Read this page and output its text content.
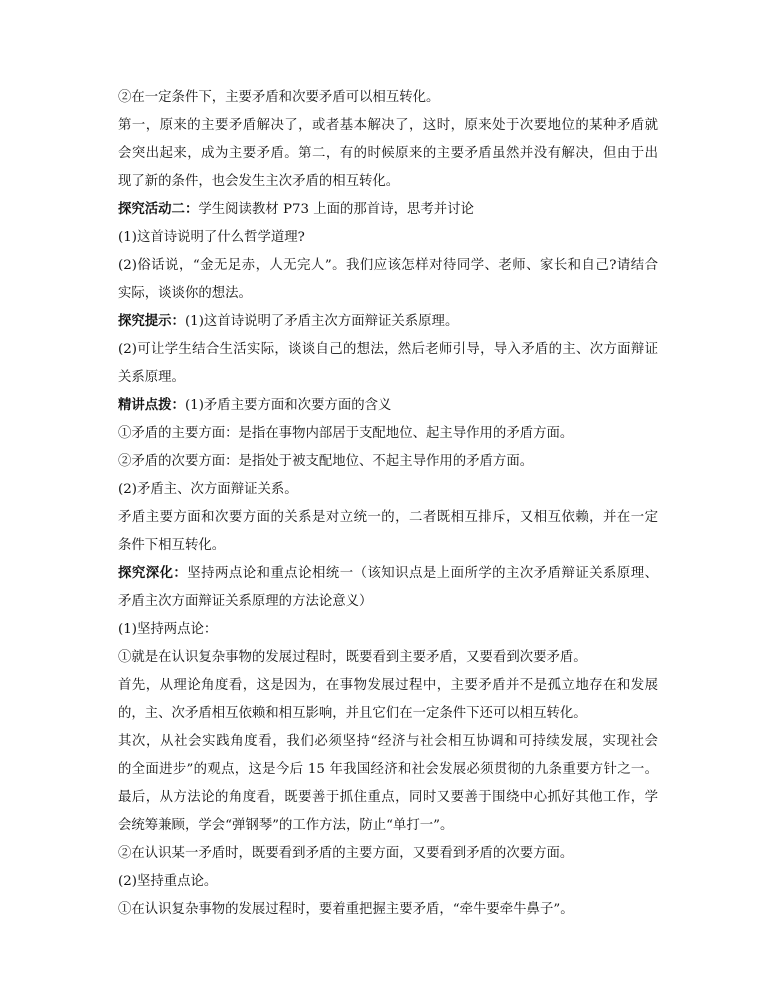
②在一定条件下，主要矛盾和次要矛盾可以相互转化。
第一，原来的主要矛盾解决了，或者基本解决了，这时，原来处于次要地位的某种矛盾就
会突出起来，成为主要矛盾。第二，有的时候原来的主要矛盾虽然并没有解决，但由于出
现了新的条件，也会发生主次矛盾的相互转化。
探究活动二：学生阅读教材 P73 上面的那首诗，思考并讨论
(1)这首诗说明了什么哲学道理?
(2)俗话说，“金无足赤，人无完人”。我们应该怎样对待同学、老师、家长和自己?请结合
实际，谈谈你的想法。
探究提示：(1)这首诗说明了矛盾主次方面辩证关系原理。
(2)可让学生结合生活实际，谈谈自己的想法，然后老师引导，导入矛盾的主、次方面辩证
关系原理。
精讲点拨：(1)矛盾主要方面和次要方面的含义
①矛盾的主要方面：是指在事物内部居于支配地位、起主导作用的矛盾方面。
②矛盾的次要方面：是指处于被支配地位、不起主导作用的矛盾方面。
(2)矛盾主、次方面辩证关系。
矛盾主要方面和次要方面的关系是对立统一的，二者既相互排斥，又相互依赖，并在一定
条件下相互转化。
探究深化：坚持两点论和重点论相统一（该知识点是上面所学的主次矛盾辩证关系原理、
矛盾主次方面辩证关系原理的方法论意义）
(1)坚持两点论：
①就是在认识复杂事物的发展过程时，既要看到主要矛盾，又要看到次要矛盾。
首先，从理论角度看，这是因为，在事物发展过程中，主要矛盾并不是孤立地存在和发展
的，主、次矛盾相互依赖和相互影响，并且它们在一定条件下还可以相互转化。
其次，从社会实践角度看，我们必须坚持“经济与社会相互协调和可持续发展，实现社会
的全面进步”的观点，这是今后 15 年我国经济和社会发展必须贯彻的九条重要方针之一。
最后，从方法论的角度看，既要善于抓住重点，同时又要善于围绕中心抓好其他工作，学
会统筹兼顾，学会“弹钢琴”的工作方法，防止“单打一”。
②在认识某一矛盾时，既要看到矛盾的主要方面，又要看到矛盾的次要方面。
(2)坚持重点论。
①在认识复杂事物的发展过程时，要着重把握主要矛盾，“牵牛要牵牛鼻子”。
